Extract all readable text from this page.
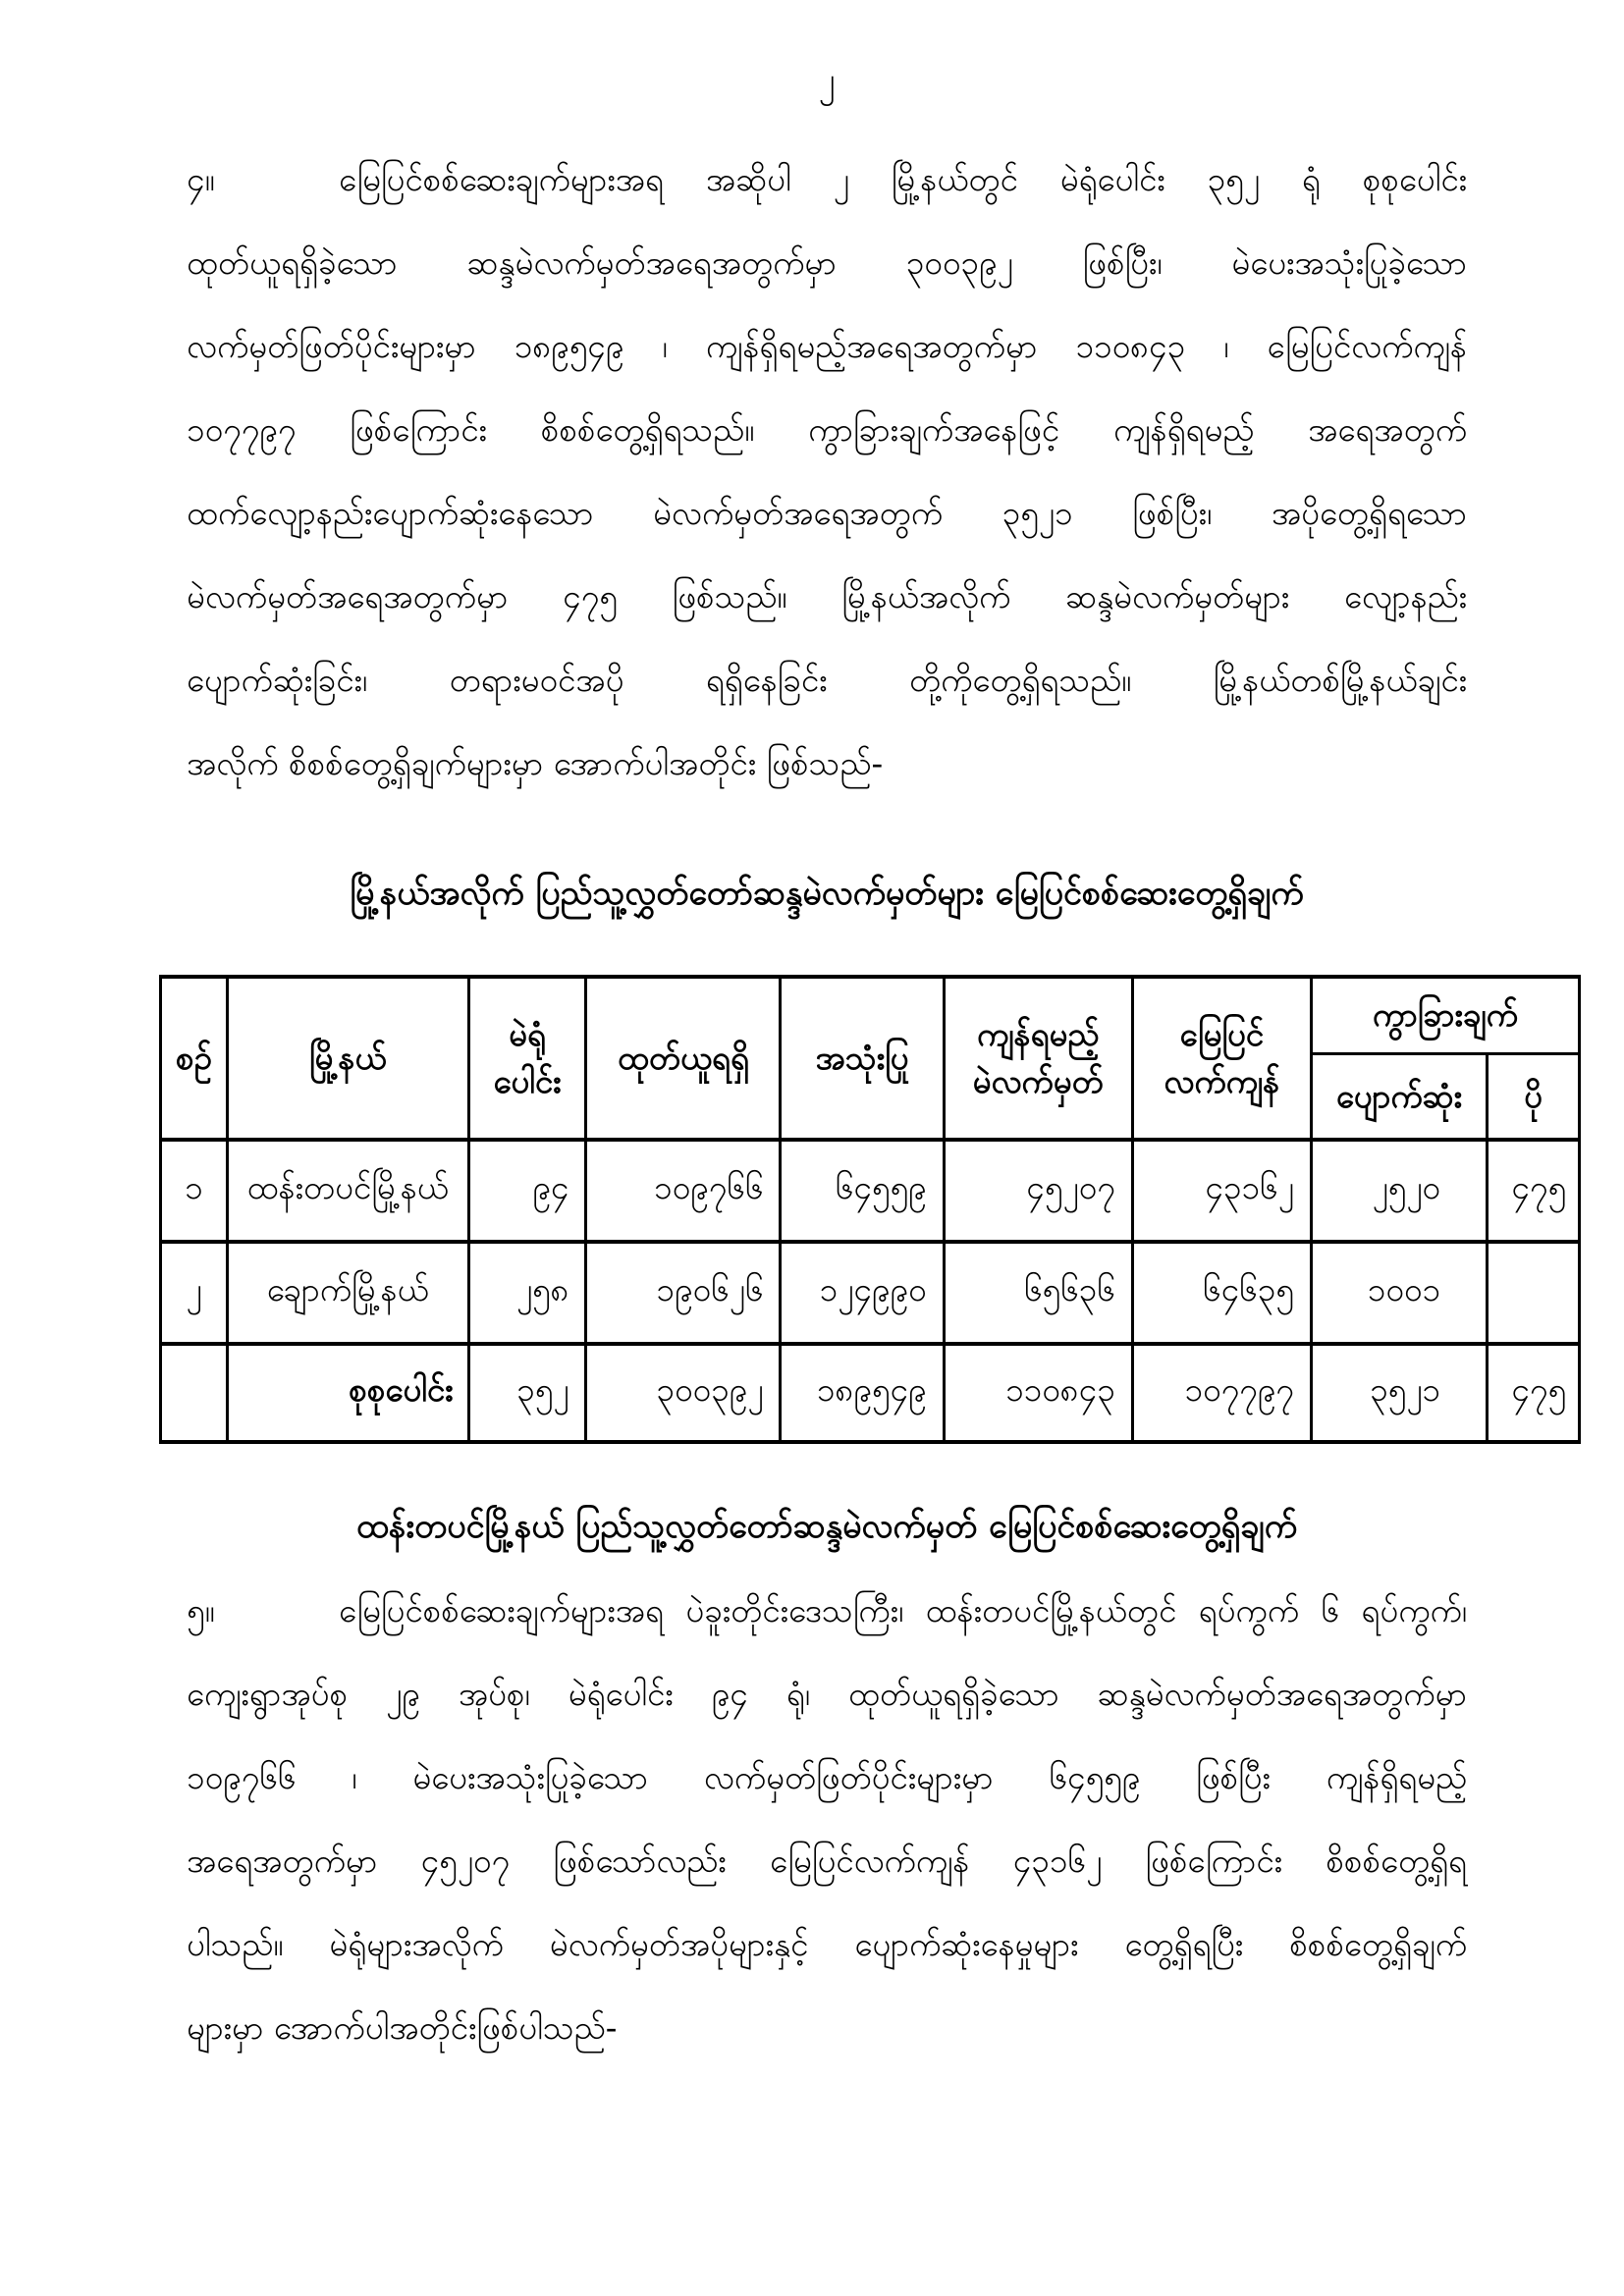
၂
၄။	မြေပြင်စစ်ဆေးချက်များအရ အဆိုပါ ၂ မြို့နယ်တွင် မဲရုံပေါင်း ၃၅၂ ရုံ စုစုပေါင်း
ထုတ်ယူရရှိခဲ့သော ဆန္ဒမဲလက်မှတ်အရေအတွက်မှာ ၃၀၀၃၉၂ ဖြစ်ပြီး၊ မဲပေးအသုံးပြုခဲ့သော
လက်မှတ်ဖြတ်ပိုင်းများမှာ ၁၈၉၅၄၉ ၊ ကျန်ရှိရမည့်အရေအတွက်မှာ ၁၁၀၈၄၃ ၊ မြေပြင်လက်ကျန်
၁၀၇၇၉၇ ဖြစ်ကြောင်း စိစစ်တွေ့ရှိရသည်။ ကွာခြားချက်အနေဖြင့် ကျန်ရှိရမည့် အရေအတွက်
ထက်လျော့နည်းပျောက်ဆုံးနေသော မဲလက်မှတ်အရေအတွက် ၃၅၂၁ ဖြစ်ပြီး၊ အပိုတွေ့ရှိရသော
မဲလက်မှတ်အရေအတွက်မှာ ၄၇၅ ဖြစ်သည်။ မြို့နယ်အလိုက် ဆန္ဒမဲလက်မှတ်များ လျော့နည်း
ပျောက်ဆုံးခြင်း၊ တရားမဝင်အပို ရရှိနေခြင်း တို့ကိုတွေ့ရှိရသည်။ မြို့နယ်တစ်မြို့နယ်ချင်း
အလိုက် စိစစ်တွေ့ရှိချက်များမှာ အောက်ပါအတိုင်း ဖြစ်သည်-
မြို့နယ်အလိုက် ပြည်သူ့လွှတ်တော်ဆန္ဒမဲလက်မှတ်များ မြေပြင်စစ်ဆေးတွေ့ရှိချက်
စဉ်	မြို့နယ်	မဲရုံ
ပေါင်း	ထုတ်ယူရရှိ	အသုံးပြု	ကျန်ရမည့်
မဲလက်မှတ်	မြေပြင်
လက်ကျန်	ကွာခြားချက်	
							ပျောက်ဆုံး	ပို
၁	ထန်းတပင်မြို့နယ်	၉၄	၁၀၉၇၆၆	၆၄၅၅၉	၄၅၂၀၇	၄၃၁၆၂	၂၅၂၀	၄၇၅
၂	ချောက်မြို့နယ်	၂၅၈	၁၉၀၆၂၆	၁၂၄၉၉၀	၆၅၆၃၆	၆၄၆၃၅	၁၀၀၁	
	စုစုပေါင်း	၃၅၂	၃၀၀၃၉၂	၁၈၉၅၄၉	၁၁၀၈၄၃	၁၀၇၇၉၇	၃၅၂၁	၄၇၅
ထန်းတပင်မြို့နယ် ပြည်သူ့လွှတ်တော်ဆန္ဒမဲလက်မှတ် မြေပြင်စစ်ဆေးတွေ့ရှိချက်
၅။	မြေပြင်စစ်ဆေးချက်များအရ ပဲခူးတိုင်းဒေသကြီး၊ ထန်းတပင်မြို့နယ်တွင် ရပ်ကွက် ၆ ရပ်ကွက်၊
ကျေးရွာအုပ်စု ၂၉ အုပ်စု၊ မဲရုံပေါင်း ၉၄ ရုံ၊ ထုတ်ယူရရှိခဲ့သော ဆန္ဒမဲလက်မှတ်အရေအတွက်မှာ
၁၀၉၇၆၆ ၊ မဲပေးအသုံးပြုခဲ့သော လက်မှတ်ဖြတ်ပိုင်းများမှာ ၆၄၅၅၉ ဖြစ်ပြီး ကျန်ရှိရမည့်
အရေအတွက်မှာ ၄၅၂၀၇ ဖြစ်သော်လည်း မြေပြင်လက်ကျန် ၄၃၁၆၂ ဖြစ်ကြောင်း စိစစ်တွေ့ရှိရ
ပါသည်။ မဲရုံများအလိုက် မဲလက်မှတ်အပိုများနှင့် ပျောက်ဆုံးနေမှုများ တွေ့ရှိရပြီး စိစစ်တွေ့ရှိချက်
များမှာ အောက်ပါအတိုင်းဖြစ်ပါသည်-
